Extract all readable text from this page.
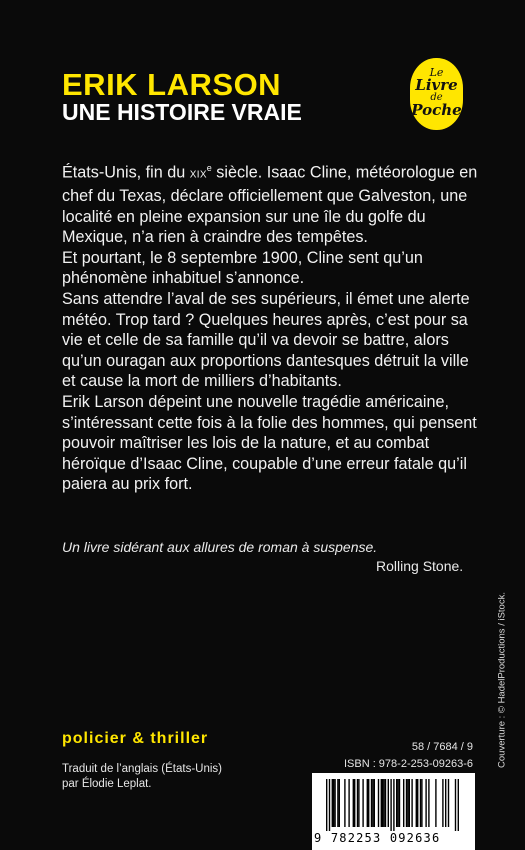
ERIK LARSON
UNE HISTOIRE VRAIE
Le
Livre
de
Poche

États-Unis, fin du XIXe siècle. Isaac Cline, météorologue en chef du Texas, déclare officiellement que Galveston, une localité en pleine expansion sur une île du golfe du Mexique, n’a rien à craindre des tempêtes.

Et pourtant, le 8 septembre 1900, Cline sent qu’un phénomène inhabituel s’annonce.

Sans attendre l’aval de ses supérieurs, il émet une alerte météo. Trop tard ? Quelques heures après, c’est pour sa vie et celle de sa famille qu’il va devoir se battre, alors qu’un ouragan aux proportions dantesques détruit la ville et cause la mort de milliers d’habitants.

Erik Larson dépeint une nouvelle tragédie américaine, s’intéressant cette fois à la folie des hommes, qui pensent pouvoir maîtriser les lois de la nature, et au combat héroïque d’Isaac Cline, coupable d’une erreur fatale qu’il paiera au prix fort.

Un livre sidérant aux allures de roman à suspense.
Rolling Stone.
Couverture : © HadelProductions / iStock.
policier & thriller
Traduit de l’anglais (États-Unis)
par Élodie Leplat.
58 / 7684 / 9
ISBN : 978-2-253-09263-6
9 782253 092636
